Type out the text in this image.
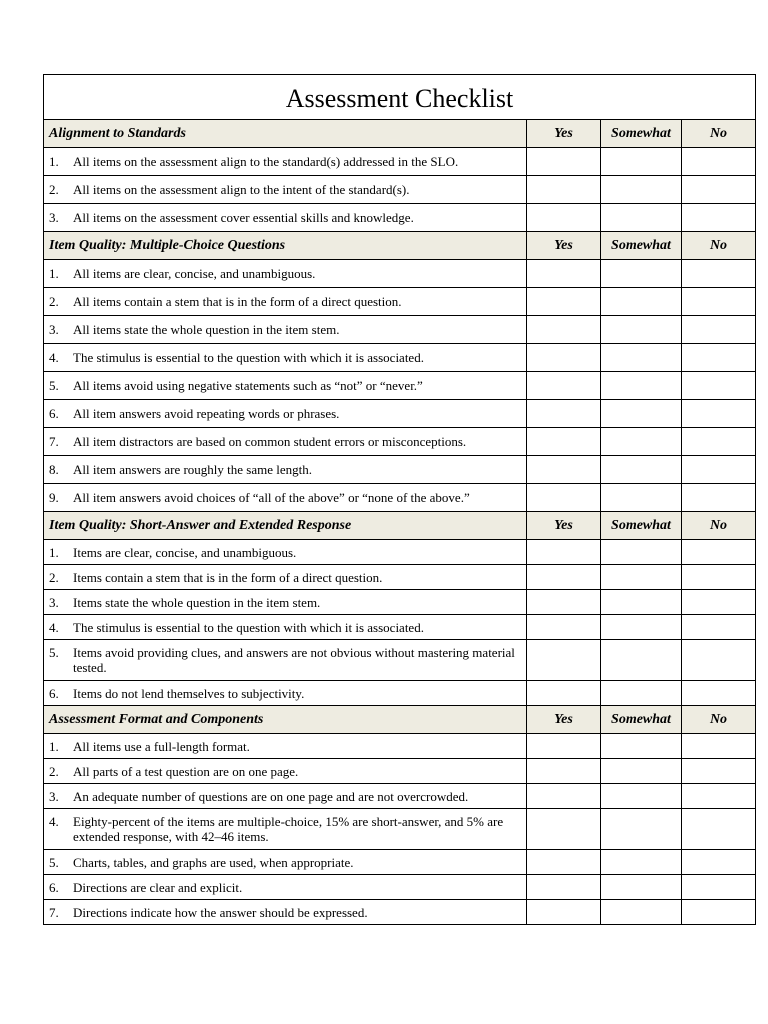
Assessment Checklist			
Alignment to Standards	Yes	Somewhat	No

1. All items on the assessment align to the standard(s) addressed in the SLO.			

2. All items on the assessment align to the intent of the standard(s).			

3. All items on the assessment cover essential skills and knowledge.			

Item Quality: Multiple-Choice Questions	Yes	Somewhat	No

1. All items are clear, concise, and unambiguous.			

2. All items contain a stem that is in the form of a direct question.			

3. All items state the whole question in the item stem.			

4. The stimulus is essential to the question with which it is associated.			

5. All items avoid using negative statements such as “not” or “never.”			

6. All item answers avoid repeating words or phrases.			

7. All item distractors are based on common student errors or misconceptions.			

8. All item answers are roughly the same length.			

9. All item answers avoid choices of “all of the above” or “none of the above.”			

Item Quality: Short-Answer and Extended Response	Yes	Somewhat	No

1. Items are clear, concise, and unambiguous.			

2. Items contain a stem that is in the form of a direct question.			

3. Items state the whole question in the item stem.			

4. The stimulus is essential to the question with which it is associated.			

5. Items avoid providing clues, and answers are not obvious without mastering material tested.			

6. Items do not lend themselves to subjectivity.			

Assessment Format and Components	Yes	Somewhat	No

1. All items use a full-length format.			

2. All parts of a test question are on one page.			

3. An adequate number of questions are on one page and are not overcrowded.			

4. Eighty-percent of the items are multiple-choice, 15% are short-answer, and 5% are extended response, with 42–46 items.			

5. Charts, tables, and graphs are used, when appropriate.			

6. Directions are clear and explicit.			

7. Directions indicate how the answer should be expressed.			
